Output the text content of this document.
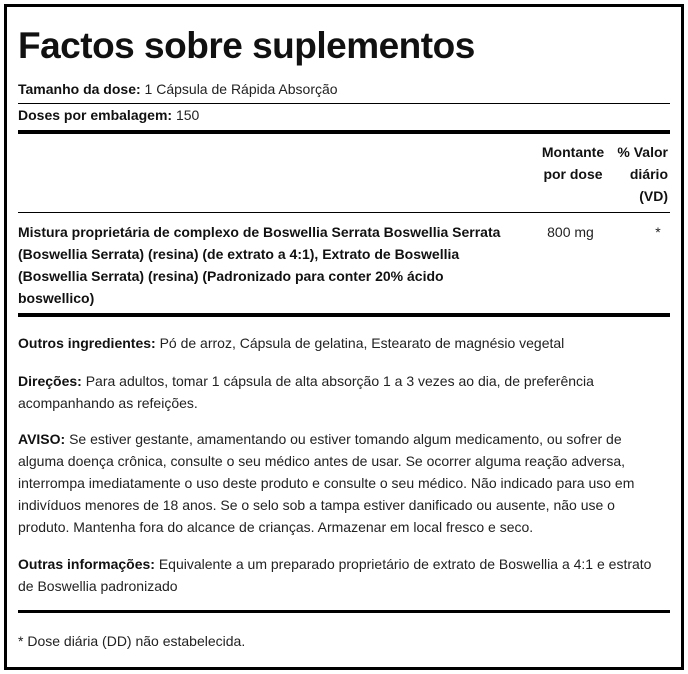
Factos sobre suplementos
Tamanho da dose: 1 Cápsula de Rápida Absorção
Doses por embalagem: 150
Montante
por dose
% Valor
diário
(VD)
Mistura proprietária de complexo de Boswellia Serrata Boswellia Serrata (Boswellia Serrata) (resina) (de extrato a 4:1), Extrato de Boswellia (Boswellia Serrata) (resina) (Padronizado para conter 20% ácido boswellico)
800 mg	*
Outros ingredientes: Pó de arroz, Cápsula de gelatina, Estearato de magnésio vegetal
Direções: Para adultos, tomar 1 cápsula de alta absorção 1 a 3 vezes ao dia, de preferência acompanhando as refeições.
AVISO: Se estiver gestante, amamentando ou estiver tomando algum medicamento, ou sofrer de alguma doença crônica, consulte o seu médico antes de usar. Se ocorrer alguma reação adversa, interrompa imediatamente o uso deste produto e consulte o seu médico. Não indicado para uso em indivíduos menores de 18 anos. Se o selo sob a tampa estiver danificado ou ausente, não use o produto. Mantenha fora do alcance de crianças. Armazenar em local fresco e seco.
Outras informações: Equivalente a um preparado proprietário de extrato de Boswellia a 4:1 e estrato de Boswellia padronizado
* Dose diária (DD) não estabelecida.
